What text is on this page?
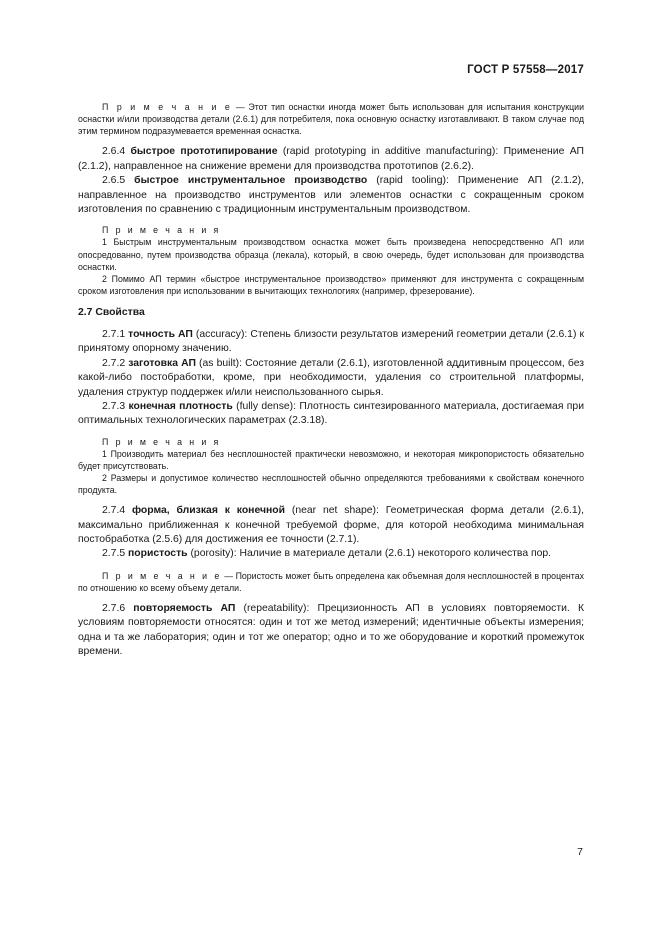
ГОСТ Р 57558—2017

П р и м е ч а н и е — Этот тип оснастки иногда может быть использован для испытания конструкции оснастки и/или производства детали (2.6.1) для потребителя, пока основную оснастку изготавливают. В таком случае под этим термином подразумевается временная оснастка.

2.6.4 быстрое прототипирование (rapid prototyping in additive manufacturing): Применение АП (2.1.2), направленное на снижение времени для производства прототипов (2.6.2).

2.6.5 быстрое инструментальное производство (rapid tooling): Применение АП (2.1.2), направленное на производство инструментов или элементов оснастки с сокращенным сроком изготовления по сравнению с традиционным инструментальным производством.

П р и м е ч а н и я

1 Быстрым инструментальным производством оснастка может быть произведена непосредственно АП или опосредованно, путем производства образца (лекала), который, в свою очередь, будет использован для производства оснастки.

2 Помимо АП термин «быстрое инструментальное производство» применяют для инструмента с сокращенным сроком изготовления при использовании в вычитающих технологиях (например, фрезерование).

2.7 Свойства

2.7.1 точность АП (accuracy): Степень близости результатов измерений геометрии детали (2.6.1) к принятому опорному значению.

2.7.2 заготовка АП (as built): Состояние детали (2.6.1), изготовленной аддитивным процессом, без какой-либо постобработки, кроме, при необходимости, удаления со строительной платформы, удаления структур поддержек и/или неиспользованного сырья.

2.7.3 конечная плотность (fully dense): Плотность синтезированного материала, достигаемая при оптимальных технологических параметрах (2.3.18).

П р и м е ч а н и я

1 Производить материал без несплошностей практически невозможно, и некоторая микропористость обязательно будет присутствовать.

2 Размеры и допустимое количество несплошностей обычно определяются требованиями к свойствам конечного продукта.

2.7.4 форма, близкая к конечной (near net shape): Геометрическая форма детали (2.6.1), максимально приближенная к конечной требуемой форме, для которой необходима минимальная постобработка (2.5.6) для достижения ее точности (2.7.1).

2.7.5 пористость (porosity): Наличие в материале детали (2.6.1) некоторого количества пор.

П р и м е ч а н и е — Пористость может быть определена как объемная доля несплошностей в процентах по отношению ко всему объему детали.

2.7.6 повторяемость АП (repeatability): Прецизионность АП в условиях повторяемости. К условиям повторяемости относятся: один и тот же метод измерений; идентичные объекты измерения; одна и та же лаборатория; один и тот же оператор; одно и то же оборудование и короткий промежуток времени.

7
